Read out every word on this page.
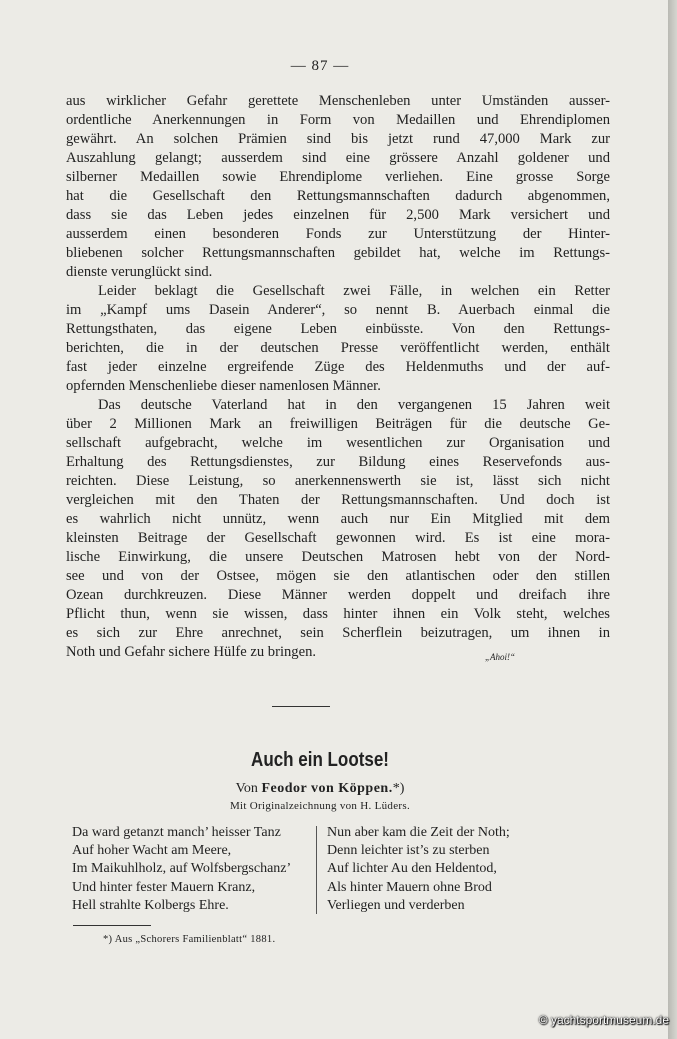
— 87 —
aus wirklicher Gefahr gerettete Menschenleben unter Umständen ausser-
ordentliche Anerkennungen in Form von Medaillen und Ehrendiplomen
gewährt. An solchen Prämien sind bis jetzt rund 47,000 Mark zur
Auszahlung gelangt; ausserdem sind eine grössere Anzahl goldener und
silberner Medaillen sowie Ehrendiplome verliehen. Eine grosse Sorge
hat die Gesellschaft den Rettungsmannschaften dadurch abgenommen,
dass sie das Leben jedes einzelnen für 2,500 Mark versichert und
ausserdem einen besonderen Fonds zur Unterstützung der Hinter-
bliebenen solcher Rettungsmannschaften gebildet hat, welche im Rettungs-
dienste verunglückt sind.
Leider beklagt die Gesellschaft zwei Fälle, in welchen ein Retter
im „Kampf ums Dasein Anderer“, so nennt B. Auerbach einmal die
Rettungsthaten, das eigene Leben einbüsste. Von den Rettungs-
berichten, die in der deutschen Presse veröffentlicht werden, enthält
fast jeder einzelne ergreifende Züge des Heldenmuths und der auf-
opfernden Menschenliebe dieser namenlosen Männer.
Das deutsche Vaterland hat in den vergangenen 15 Jahren weit
über 2 Millionen Mark an freiwilligen Beiträgen für die deutsche Ge-
sellschaft aufgebracht, welche im wesentlichen zur Organisation und
Erhaltung des Rettungsdienstes, zur Bildung eines Reservefonds aus-
reichten. Diese Leistung, so anerkennenswerth sie ist, lässt sich nicht
vergleichen mit den Thaten der Rettungsmannschaften. Und doch ist
es wahrlich nicht unnütz, wenn auch nur Ein Mitglied mit dem
kleinsten Beitrage der Gesellschaft gewonnen wird. Es ist eine mora-
lische Einwirkung, die unsere Deutschen Matrosen hebt von der Nord-
see und von der Ostsee, mögen sie den atlantischen oder den stillen
Ozean durchkreuzen. Diese Männer werden doppelt und dreifach ihre
Pflicht thun, wenn sie wissen, dass hinter ihnen ein Volk steht, welches
es sich zur Ehre anrechnet, sein Scherflein beizutragen, um ihnen in
Noth und Gefahr sichere Hülfe zu bringen.	„Ahoi!“
Auch ein Lootse!
Von Feodor von Köppen.*)
Mit Originalzeichnung von H. Lüders.
Da ward getanzt manch’ heisser Tanz
Auf hoher Wacht am Meere,
Im Maikuhlholz, auf Wolfsbergschanz’
Und hinter fester Mauern Kranz,
Hell strahlte Kolbergs Ehre.
Nun aber kam die Zeit der Noth;
Denn leichter ist’s zu sterben
Auf lichter Au den Heldentod,
Als hinter Mauern ohne Brod
Verliegen und verderben
*) Aus „Schorers Familienblatt“ 1881.
© yachtsportmuseum.de
